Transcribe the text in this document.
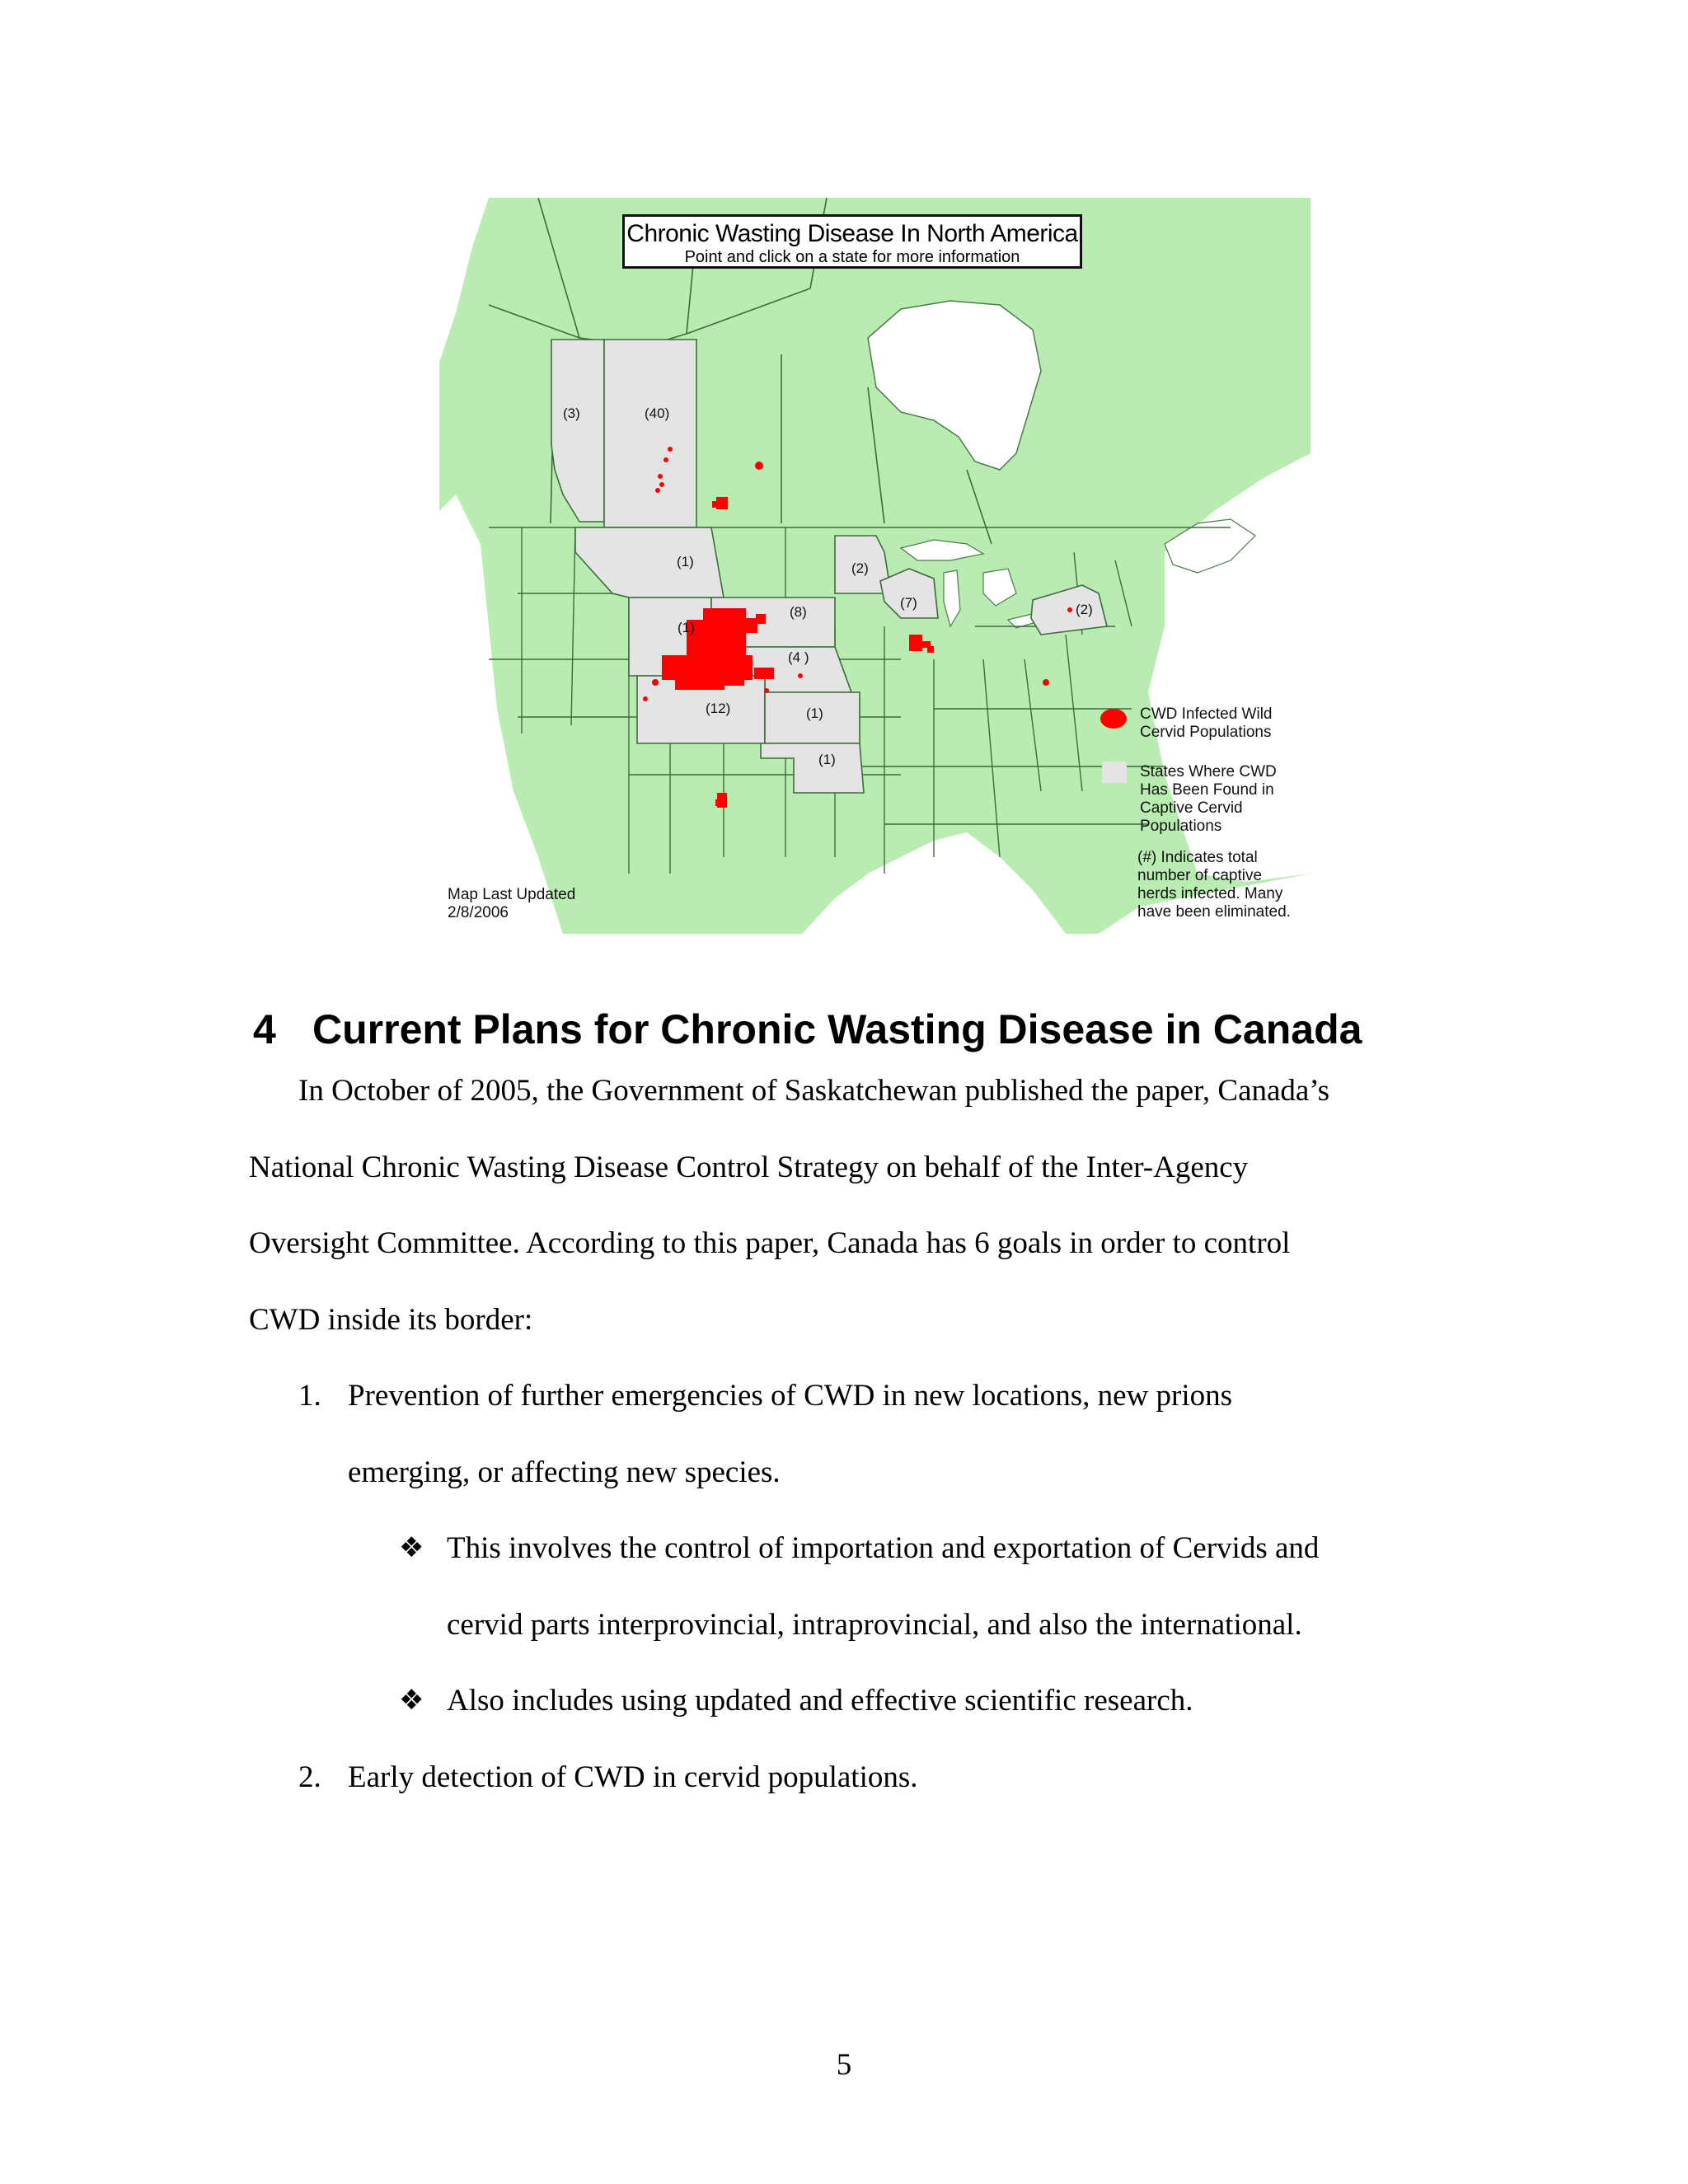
Chronic Wasting Disease In North America
Point and click on a state for more information
(3)	(40)
(1)	(2)
(1)
(8)
(7)	(2)
(4 )
(12)	(1)
(1)
Map Last Updated
2/8/2006
CWD Infected Wild
Cervid Populations
States Where CWD
Has Been Found in
Captive Cervid
Populations
(#) Indicates total
number of captive
herds infected. Many
have been eliminated.
4 Current Plans for Chronic Wasting Disease in Canada
In October of 2005, the Government of Saskatchewan published the paper, Canada’s
National Chronic Wasting Disease Control Strategy on behalf of the Inter-Agency
Oversight Committee. According to this paper, Canada has 6 goals in order to control
CWD inside its border:
1. Prevention of further emergencies of CWD in new locations, new prions
emerging, or affecting new species.
❖ This involves the control of importation and exportation of Cervids and
cervid parts interprovincial, intraprovincial, and also the international.
❖ Also includes using updated and effective scientific research.
2. Early detection of CWD in cervid populations.
5
